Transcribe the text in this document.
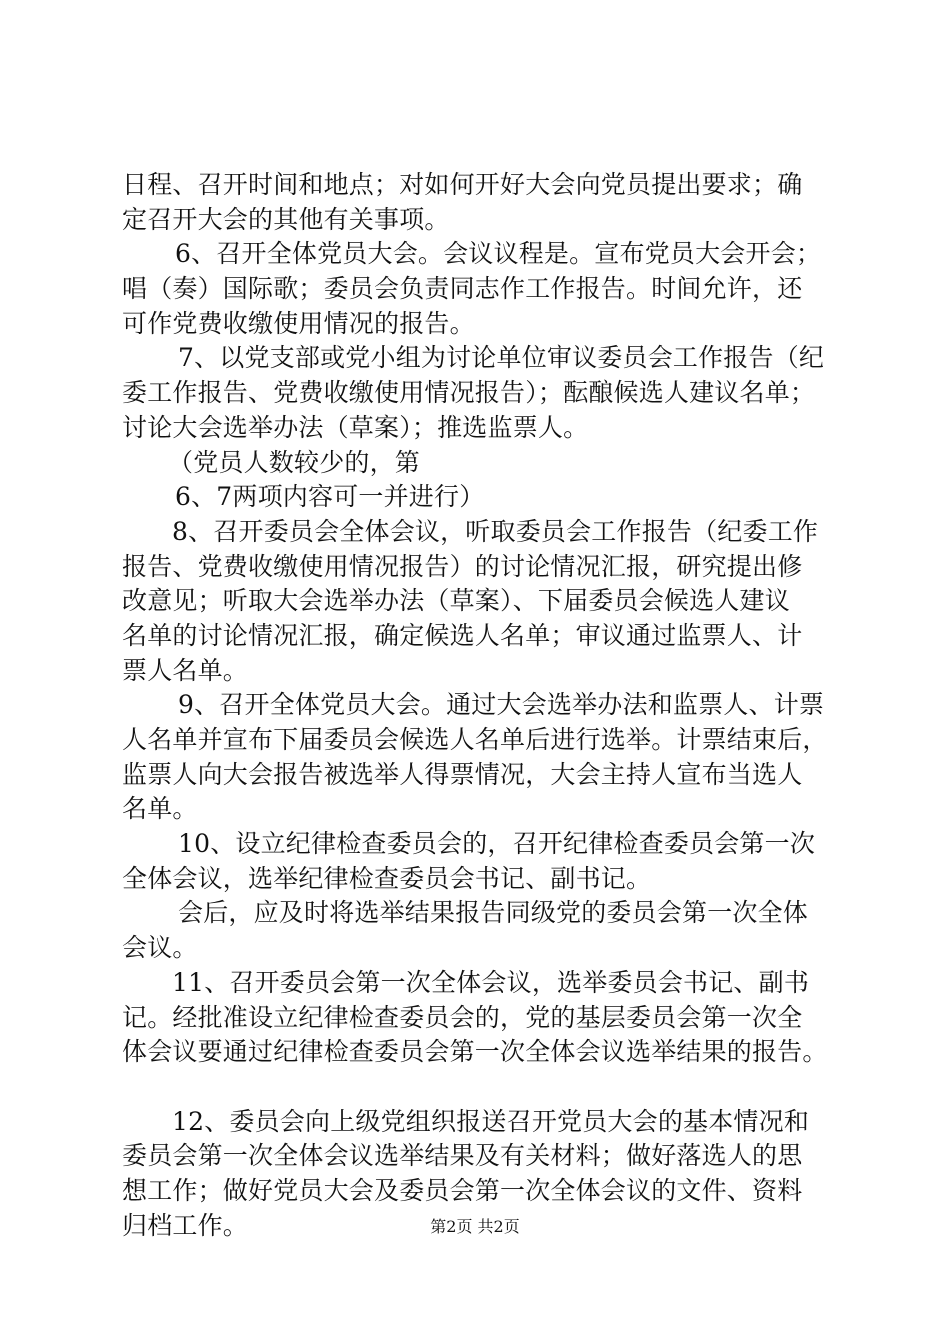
日程、召开时间和地点；对如何开好大会向党员提出要求；确
定召开大会的其他有关事项。
6、召开全体党员大会。会议议程是。宣布党员大会开会；
唱（奏）国际歌；委员会负责同志作工作报告。时间允许，还
可作党费收缴使用情况的报告。
7、以党支部或党小组为讨论单位审议委员会工作报告（纪
委工作报告、党费收缴使用情况报告）；酝酿候选人建议名单；
讨论大会选举办法（草案）；推选监票人。
（党员人数较少的，第
6、7两项内容可一并进行）
8、召开委员会全体会议，听取委员会工作报告（纪委工作
报告、党费收缴使用情况报告）的讨论情况汇报，研究提出修
改意见；听取大会选举办法（草案）、下届委员会候选人建议
名单的讨论情况汇报，确定候选人名单；审议通过监票人、计
票人名单。
9、召开全体党员大会。通过大会选举办法和监票人、计票
人名单并宣布下届委员会候选人名单后进行选举。计票结束后，
监票人向大会报告被选举人得票情况，大会主持人宣布当选人
名单。
10、设立纪律检查委员会的，召开纪律检查委员会第一次
全体会议，选举纪律检查委员会书记、副书记。
会后，应及时将选举结果报告同级党的委员会第一次全体
会议。
11、召开委员会第一次全体会议，选举委员会书记、副书
记。经批准设立纪律检查委员会的，党的基层委员会第一次全
体会议要通过纪律检查委员会第一次全体会议选举结果的报告。
12、委员会向上级党组织报送召开党员大会的基本情况和
委员会第一次全体会议选举结果及有关材料；做好落选人的思
想工作；做好党员大会及委员会第一次全体会议的文件、资料
归档工作。	第2页 共2页
